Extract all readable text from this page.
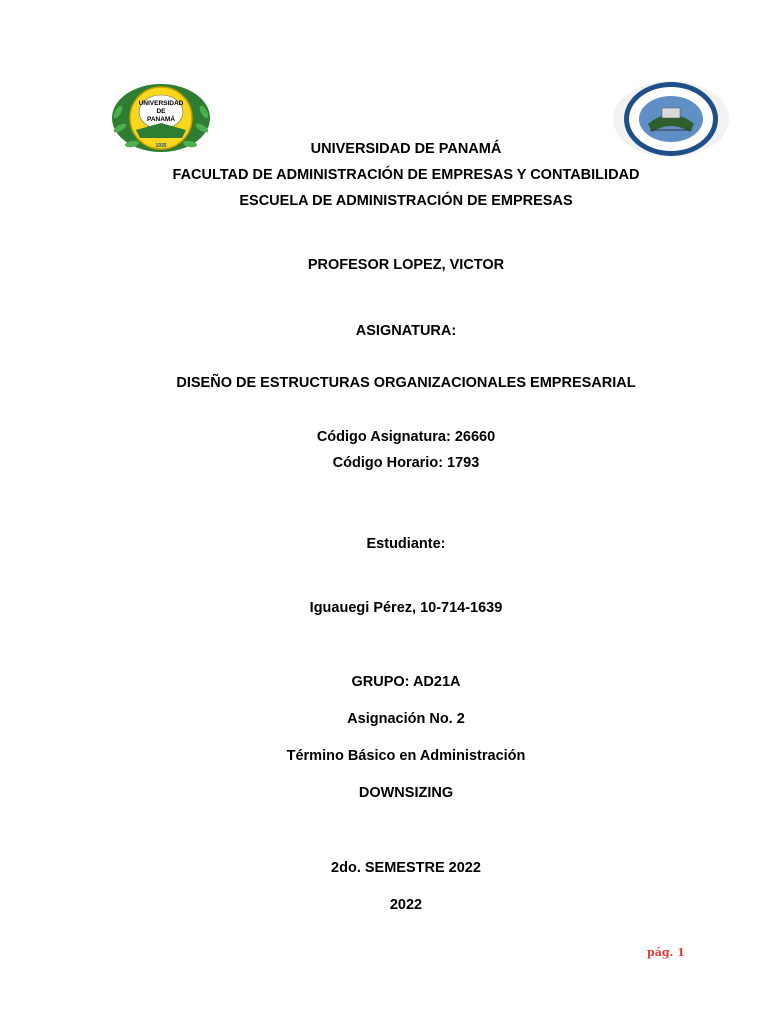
UNIVERSIDAD
DE
PANAMÁ
1935	UNIVERSIDAD DE PANAMÁ
FACULTAD DE ADMINISTRACIÓN DE EMPRESAS Y CONTABILIDAD
ESCUELA DE ADMINISTRACIÓN DE EMPRESAS
PROFESOR LOPEZ, VICTOR
ASIGNATURA:
DISEÑO DE ESTRUCTURAS ORGANIZACIONALES EMPRESARIAL
Código Asignatura: 26660
Código Horario: 1793
Estudiante:
Iguauegi Pérez, 10-714-1639
GRUPO: AD21A
Asignación No. 2
Término Básico en Administración
DOWNSIZING
2do. SEMESTRE 2022
2022
pág. 1
